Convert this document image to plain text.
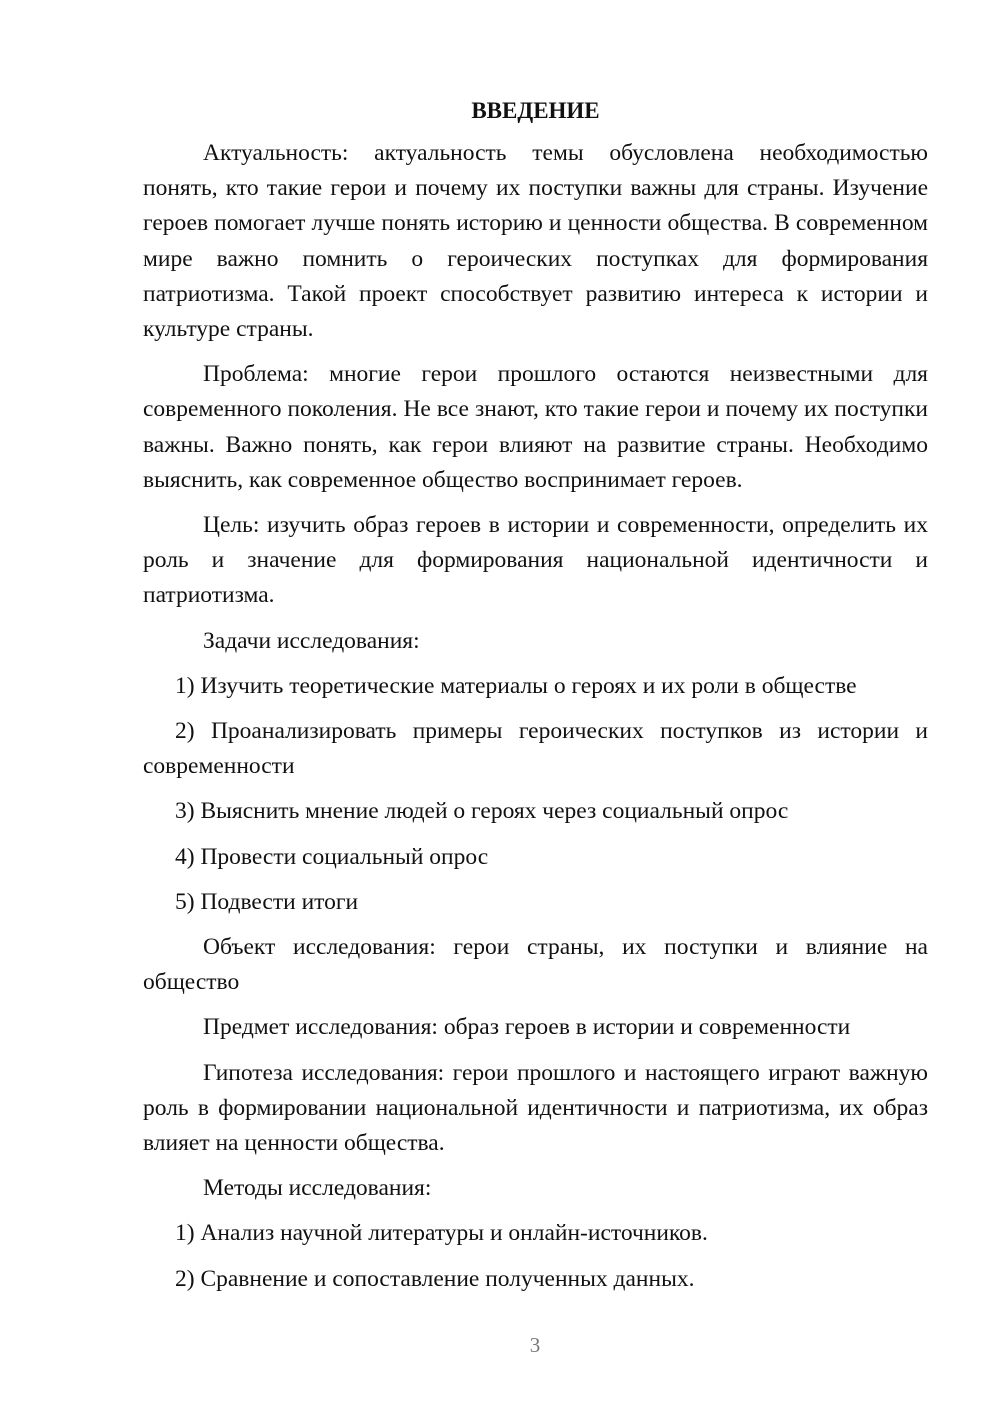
ВВЕДЕНИЕ
Актуальность: актуальность темы обусловлена необходимостью понять, кто такие герои и почему их поступки важны для страны. Изучение героев помогает лучше понять историю и ценности общества. В современном мире важно помнить о героических поступках для формирования патриотизма. Такой проект способствует развитию интереса к истории и культуре страны.
Проблема: многие герои прошлого остаются неизвестными для современного поколения. Не все знают, кто такие герои и почему их поступки важны. Важно понять, как герои влияют на развитие страны. Необходимо выяснить, как современное общество воспринимает героев.
Цель: изучить образ героев в истории и современности, определить их роль и значение для формирования национальной идентичности и патриотизма.
Задачи исследования:
1) Изучить теоретические материалы о героях и их роли в обществе
2) Проанализировать примеры героических поступков из истории и современности
3) Выяснить мнение людей о героях через социальный опрос
4) Провести социальный опрос
5) Подвести итоги
Объект исследования: герои страны, их поступки и влияние на общество
Предмет исследования: образ героев в истории и современности
Гипотеза исследования: герои прошлого и настоящего играют важную роль в формировании национальной идентичности и патриотизма, их образ влияет на ценности общества.
Методы исследования:
1) Анализ научной литературы и онлайн-источников.
2) Сравнение и сопоставление полученных данных.
3
